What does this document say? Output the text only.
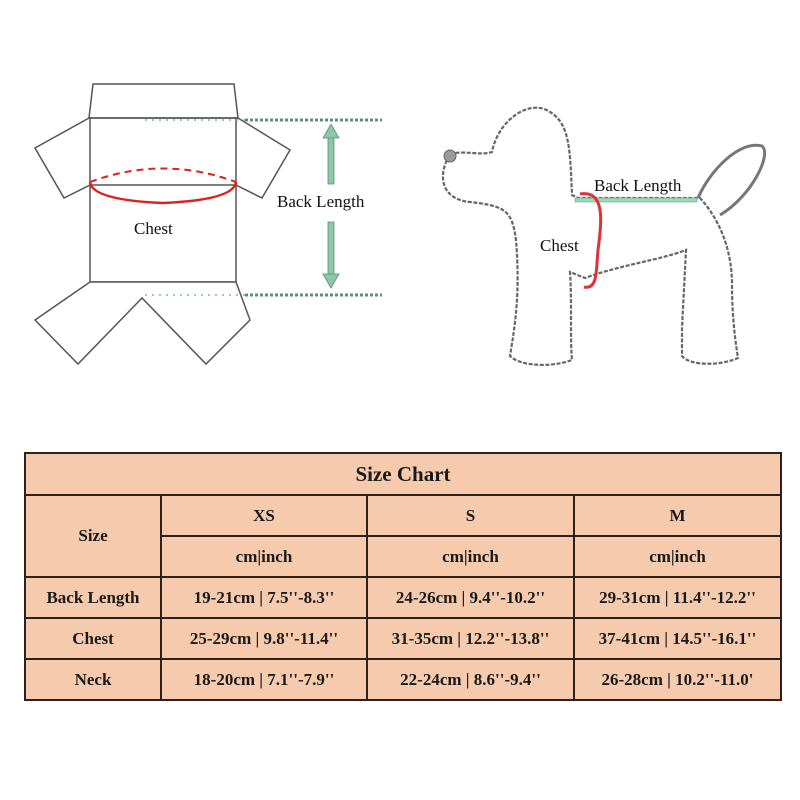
Chest
Back Length
Chest
Back Length
Size Chart			
Size	XS	S	M
	cm|inch	cm|inch	cm|inch
Back Length	19-21cm | 7.5''-8.3''	24-26cm | 9.4''-10.2''	29-31cm | 11.4''-12.2''
Chest	25-29cm | 9.8''-11.4''	31-35cm | 12.2''-13.8''	37-41cm | 14.5''-16.1''
Neck	18-20cm | 7.1''-7.9''	22-24cm | 8.6''-9.4''	26-28cm | 10.2''-11.0'
